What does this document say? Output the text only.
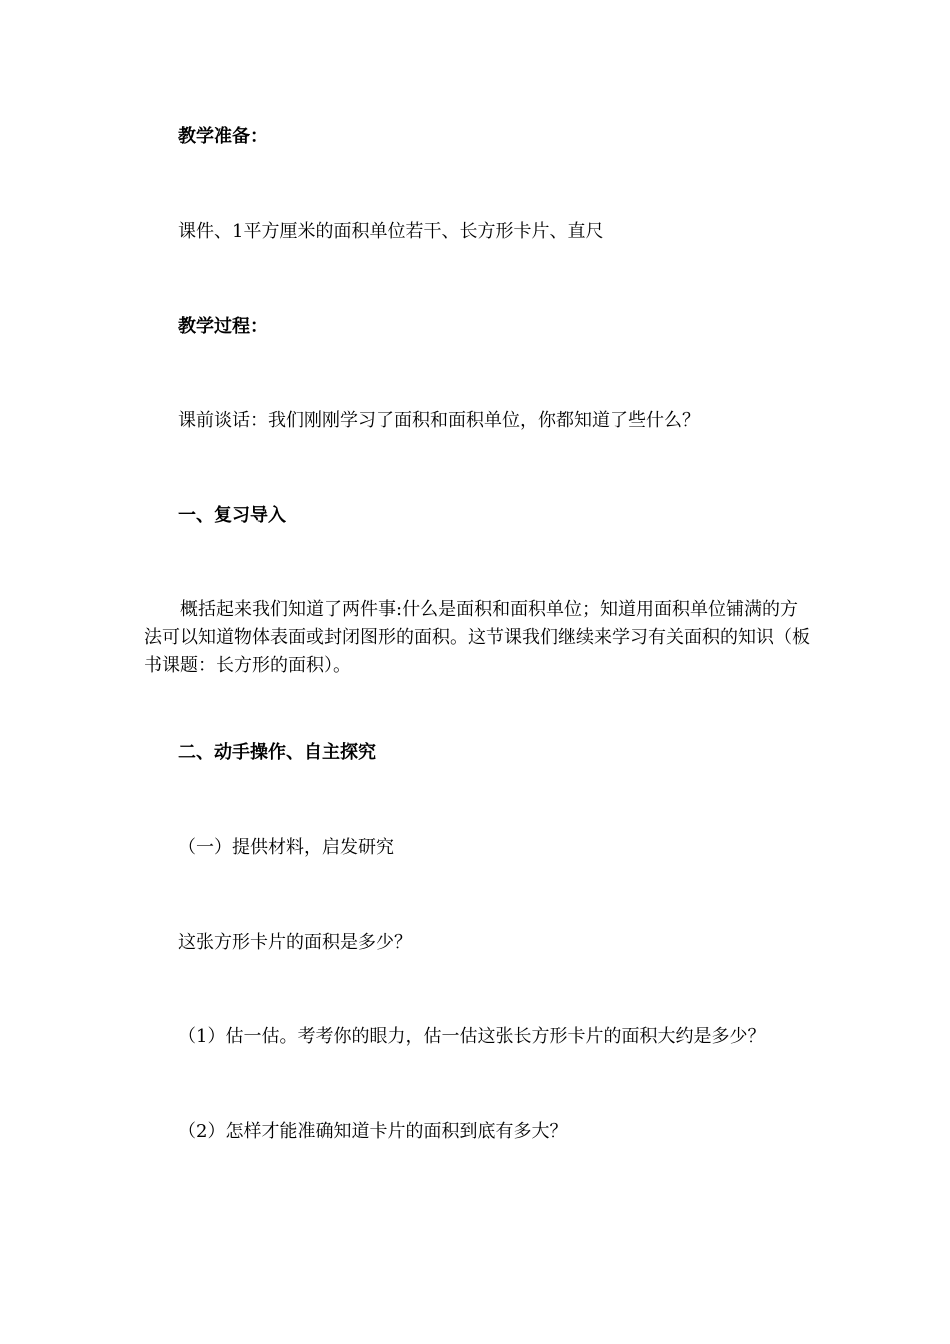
教学准备：
课件、1平方厘米的面积单位若干、长方形卡片、直尺
教学过程：
课前谈话：我们刚刚学习了面积和面积单位，你都知道了些什么？
一、复习导入
概括起来我们知道了两件事:什么是面积和面积单位；知道用面积单位铺满的方法可以知道物体表面或封闭图形的面积。这节课我们继续来学习有关面积的知识（板书课题：长方形的面积）。
二、动手操作、自主探究
（一）提供材料，启发研究
这张方形卡片的面积是多少？
（1）估一估。考考你的眼力，估一估这张长方形卡片的面积大约是多少？
（2）怎样才能准确知道卡片的面积到底有多大？
